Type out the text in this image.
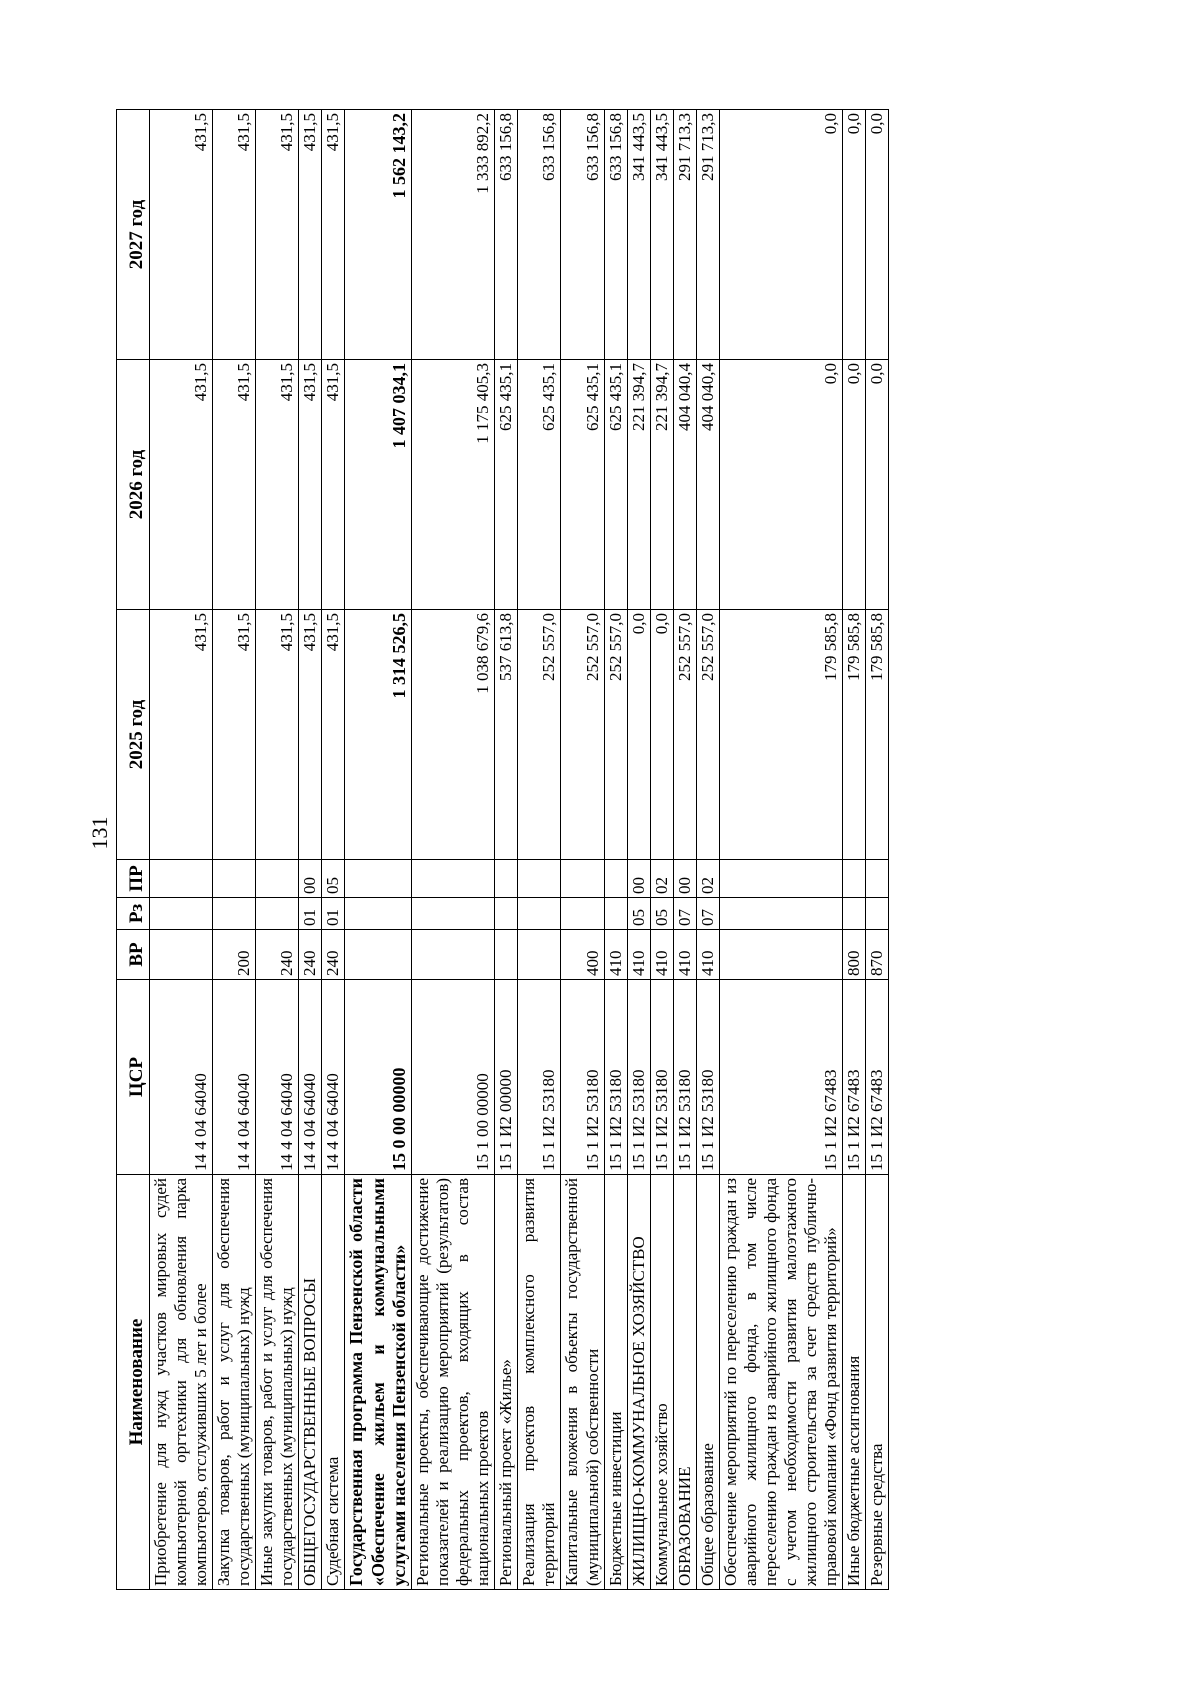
131
Наименование	ЦСР	ВР	Рз	ПР	2025 год	2026 год	2027 год
Приобретение для нужд участков мировых судей компьютерной оргтехники для обновления парка компьютеров, отслуживших 5 лет и более	14 4 04 64040				431,5	431,5	431,5
Закупка товаров, работ и услуг для обеспечения государственных (муниципальных) нужд	14 4 04 64040	200			431,5	431,5	431,5
Иные закупки товаров, работ и услуг для обеспечения государственных (муниципальных) нужд	14 4 04 64040	240			431,5	431,5	431,5
ОБЩЕГОСУДАРСТВЕННЫЕ ВОПРОСЫ	14 4 04 64040	240	01	00	431,5	431,5	431,5
Судебная система	14 4 04 64040	240	01	05	431,5	431,5	431,5
Государственная программа Пензенской области «Обеспечение жильем и коммунальными услугами населения Пензенской области»	15 0 00 00000				1 314 526,5	1 407 034,1	1 562 143,2
Региональные проекты, обеспечивающие достижение показателей и реализацию мероприятий (результатов) федеральных проектов, входящих в состав национальных проектов	15 1 00 00000				1 038 679,6	1 175 405,3	1 333 892,2
Региональный проект «Жилье»	15 1 И2 00000				537 613,8	625 435,1	633 156,8
Реализация проектов комплексного развития территорий	15 1 И2 53180				252 557,0	625 435,1	633 156,8
Капитальные вложения в объекты государственной (муниципальной) собственности	15 1 И2 53180	400			252 557,0	625 435,1	633 156,8
Бюджетные инвестиции	15 1 И2 53180	410			252 557,0	625 435,1	633 156,8
ЖИЛИЩНО-КОММУНАЛЬНОЕ ХОЗЯЙСТВО	15 1 И2 53180	410	05	00	0,0	221 394,7	341 443,5
Коммунальное хозяйство	15 1 И2 53180	410	05	02	0,0	221 394,7	341 443,5
ОБРАЗОВАНИЕ	15 1 И2 53180	410	07	00	252 557,0	404 040,4	291 713,3
Общее образование	15 1 И2 53180	410	07	02	252 557,0	404 040,4	291 713,3
Обеспечение мероприятий по переселению граждан из аварийного жилищного фонда, в том числе переселению граждан из аварийного жилищного фонда с учетом необходимости развития малоэтажного жилищного строительства за счет средств публично-правовой компании «Фонд развития территорий»	15 1 И2 67483				179 585,8	0,0	0,0
Иные бюджетные ассигнования	15 1 И2 67483	800			179 585,8	0,0	0,0
Резервные средства	15 1 И2 67483	870			179 585,8	0,0	0,0
